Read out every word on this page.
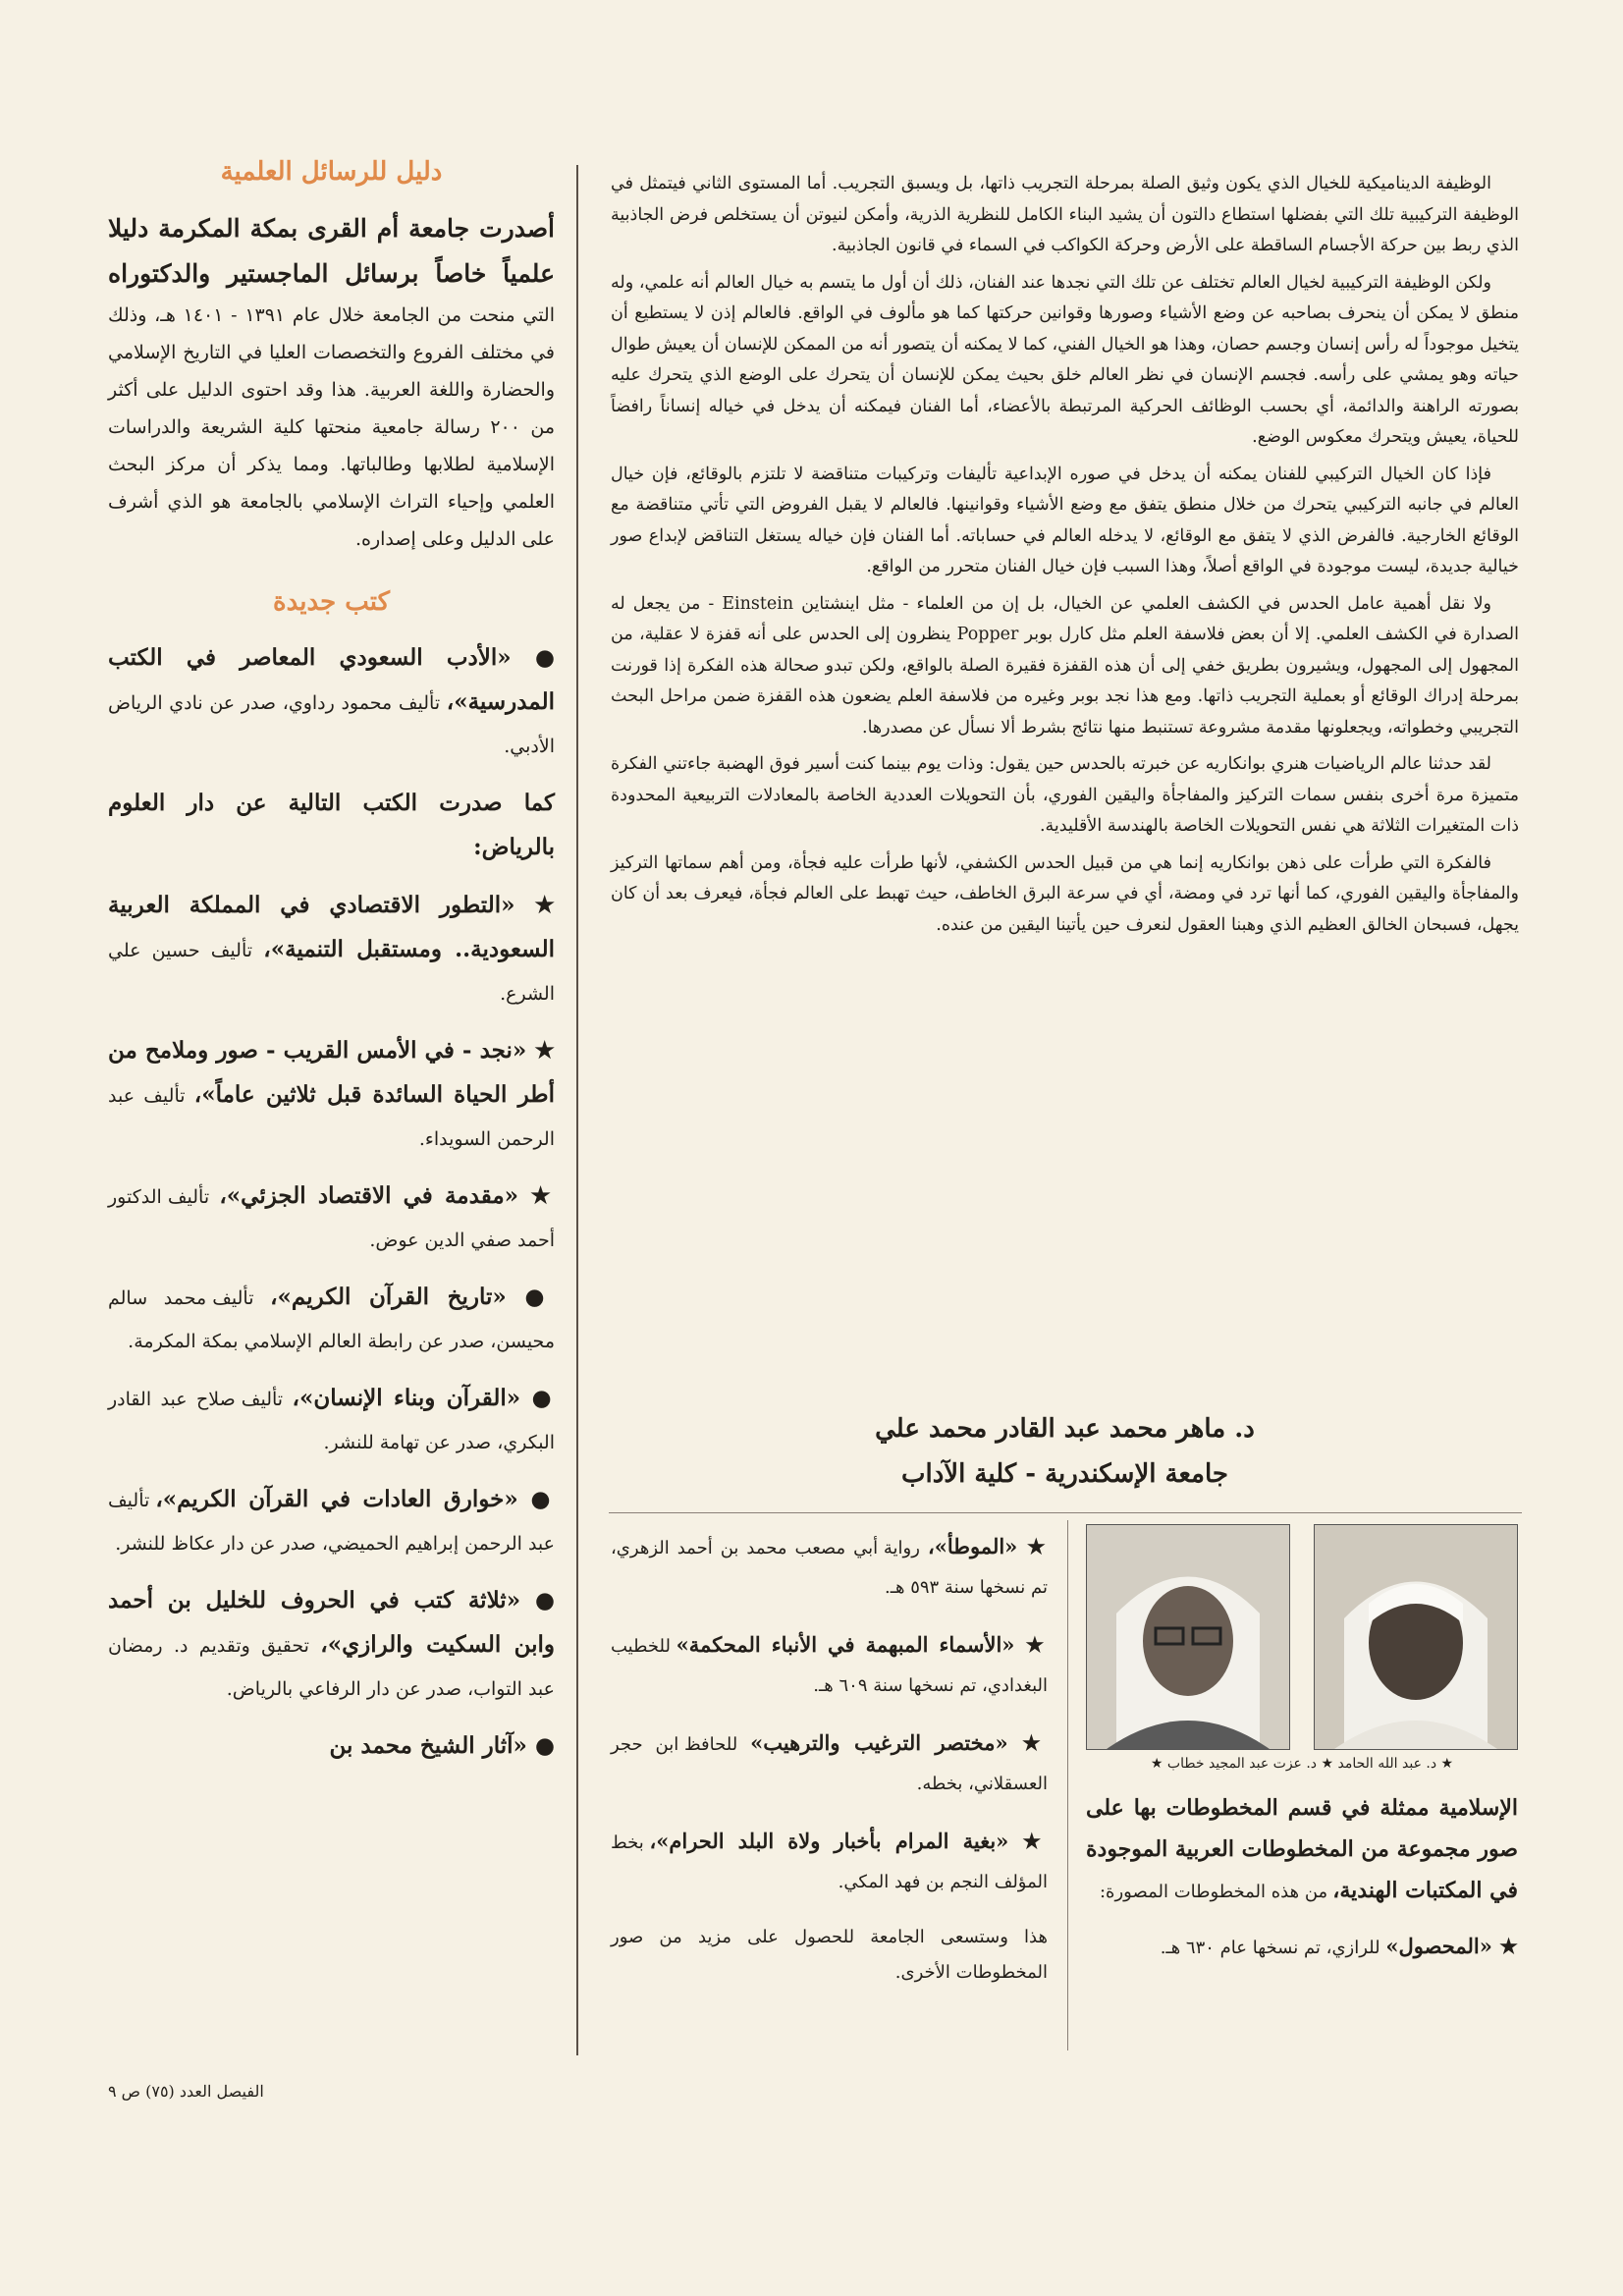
الوظيفة الديناميكية للخيال الذي يكون وثيق الصلة بمرحلة التجريب ذاتها، بل ويسبق التجريب. أما المستوى الثاني فيتمثل في الوظيفة التركيبية تلك التي بفضلها استطاع دالتون أن يشيد البناء الكامل للنظرية الذرية، وأمكن لنيوتن أن يستخلص فرض الجاذبية الذي ربط بين حركة الأجسام الساقطة على الأرض وحركة الكواكب في السماء في قانون الجاذبية.

ولكن الوظيفة التركيبية لخيال العالم تختلف عن تلك التي نجدها عند الفنان، ذلك أن أول ما يتسم به خيال العالم أنه علمي، وله منطق لا يمكن أن ينحرف بصاحبه عن وضع الأشياء وصورها وقوانين حركتها كما هو مألوف في الواقع. فالعالم إذن لا يستطيع أن يتخيل موجوداً له رأس إنسان وجسم حصان، وهذا هو الخيال الفني، كما لا يمكنه أن يتصور أنه من الممكن للإنسان أن يعيش طوال حياته وهو يمشي على رأسه. فجسم الإنسان في نظر العالم خلق بحيث يمكن للإنسان أن يتحرك على الوضع الذي يتحرك عليه بصورته الراهنة والدائمة، أي بحسب الوظائف الحركية المرتبطة بالأعضاء، أما الفنان فيمكنه أن يدخل في خياله إنساناً رافضاً للحياة، يعيش ويتحرك معكوس الوضع.

فإذا كان الخيال التركيبي للفنان يمكنه أن يدخل في صوره الإبداعية تأليفات وتركيبات متناقضة لا تلتزم بالوقائع، فإن خيال العالم في جانبه التركيبي يتحرك من خلال منطق يتفق مع وضع الأشياء وقوانينها. فالعالم لا يقبل الفروض التي تأتي متناقضة مع الوقائع الخارجية. فالفرض الذي لا يتفق مع الوقائع، لا يدخله العالم في حساباته. أما الفنان فإن خياله يستغل التناقض لإبداع صور خيالية جديدة، ليست موجودة في الواقع أصلاً، وهذا السبب فإن خيال الفنان متحرر من الواقع.

ولا نقل أهمية عامل الحدس في الكشف العلمي عن الخيال، بل إن من العلماء - مثل اينشتاين Einstein - من يجعل له الصدارة في الكشف العلمي. إلا أن بعض فلاسفة العلم مثل كارل بوبر Popper ينظرون إلى الحدس على أنه قفزة لا عقلية، من المجهول إلى المجهول، ويشيرون بطريق خفي إلى أن هذه القفزة فقيرة الصلة بالواقع، ولكن تبدو صحالة هذه الفكرة إذا قورنت بمرحلة إدراك الوقائع أو بعملية التجريب ذاتها. ومع هذا نجد بوبر وغيره من فلاسفة العلم يضعون هذه القفزة ضمن مراحل البحث التجريبي وخطواته، ويجعلونها مقدمة مشروعة تستنبط منها نتائج بشرط ألا نسأل عن مصدرها.

لقد حدثنا عالم الرياضيات هنري بوانكاريه عن خبرته بالحدس حين يقول: وذات يوم بينما كنت أسير فوق الهضبة جاءتني الفكرة متميزة مرة أخرى بنفس سمات التركيز والمفاجأة واليقين الفوري، بأن التحويلات العددية الخاصة بالمعادلات التربيعية المحدودة ذات المتغيرات الثلاثة هي نفس التحويلات الخاصة بالهندسة الأقليدية.

فالفكرة التي طرأت على ذهن بوانكاريه إنما هي من قبيل الحدس الكشفي، لأنها طرأت عليه فجأة، ومن أهم سماتها التركيز والمفاجأة واليقين الفوري، كما أنها ترد في ومضة، أي في سرعة البرق الخاطف، حيث تهبط على العالم فجأة، فيعرف بعد أن كان يجهل، فسبحان الخالق العظيم الذي وهبنا العقول لنعرف حين يأتينا اليقين من عنده.

د. ماهر محمد عبد القادر محمد علي
جامعة الإسكندرية - كلية الآداب
دليل للرسائل العلمية
أصدرت جامعة أم القرى بمكة المكرمة دليلا علمياً خاصاً برسائل الماجستير والدكتوراه التي منحت من الجامعة خلال عام ١٣٩١ - ١٤٠١ هـ، وذلك في مختلف الفروع والتخصصات العليا في التاريخ الإسلامي والحضارة واللغة العربية. هذا وقد احتوى الدليل على أكثر من ٢٠٠ رسالة جامعية منحتها كلية الشريعة والدراسات الإسلامية لطلابها وطالباتها. ومما يذكر أن مركز البحث العلمي وإحياء التراث الإسلامي بالجامعة هو الذي أشرف على الدليل وعلى إصداره.
كتب جديدة
● «الأدب السعودي المعاصر في الكتب المدرسية»، تأليف محمود رداوي، صدر عن نادي الرياض الأدبي.
كما صدرت الكتب التالية عن دار العلوم بالرياض:
★ «التطور الاقتصادي في المملكة العربية السعودية.. ومستقبل التنمية»، تأليف حسين علي الشرع.
★ «نجد - في الأمس القريب - صور وملامح من أطر الحياة السائدة قبل ثلاثين عاماً»، تأليف عبد الرحمن السويداء.
★ «مقدمة في الاقتصاد الجزئي»، تأليف الدكتور أحمد صفي الدين عوض.
● «تاريخ القرآن الكريم»، تأليف محمد سالم محيسن، صدر عن رابطة العالم الإسلامي بمكة المكرمة.
● «القرآن وبناء الإنسان»، تأليف صلاح عبد القادر البكري، صدر عن تهامة للنشر.
● «خوارق العادات في القرآن الكريم»، تأليف عبد الرحمن إبراهيم الحميضي، صدر عن دار عكاظ للنشر.
● «ثلاثة كتب في الحروف للخليل بن أحمد وابن السكيت والرازي»، تحقيق وتقديم د. رمضان عبد التواب، صدر عن دار الرفاعي بالرياض.
● «آثار الشيخ محمد بن
★ «الموطأ»، رواية أبي مصعب محمد بن أحمد الزهري، تم نسخها سنة ٥٩٣ هـ.
★ «الأسماء المبهمة في الأنباء المحكمة» للخطيب البغدادي، تم نسخها سنة ٦٠٩ هـ.
★ «مختصر الترغيب والترهيب» للحافظ ابن حجر العسقلاني، بخطه.
★ «بغية المرام بأخبار ولاة البلد الحرام»، بخط المؤلف النجم بن فهد المكي.
هذا وستسعى الجامعة للحصول على مزيد من صور المخطوطات الأخرى.
★ د. عبد الله الحامد ★ د. عزت عبد المجيد خطاب ★
الإسلامية ممثلة في قسم المخطوطات بها على صور مجموعة من المخطوطات العربية الموجودة في المكتبات الهندية، من هذه المخطوطات المصورة:
★ «المحصول» للرازي، تم نسخها عام ٦٣٠ هـ.
الفيصل العدد (٧٥) ص ٩
